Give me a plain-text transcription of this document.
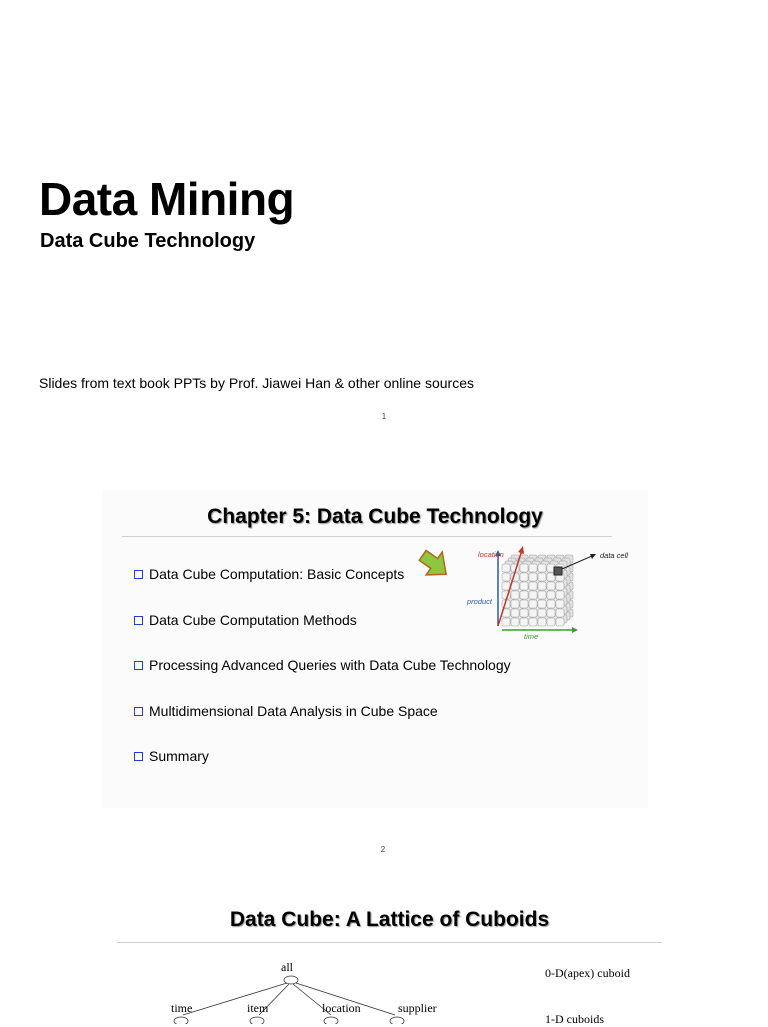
Data Mining
Data Cube Technology
Slides from text book PPTs by Prof. Jiawei Han & other online sources
1
Chapter 5: Data Cube Technology
Data Cube Computation: Basic Concepts
Data Cube Computation Methods
Processing Advanced Queries with Data Cube Technology
Multidimensional Data Analysis in Cube Space
Summary
location
product
time
data cell
2
Data Cube: A Lattice of Cuboids
all
time	item	location	supplier
0-D(apex) cuboid
1-D cuboids
